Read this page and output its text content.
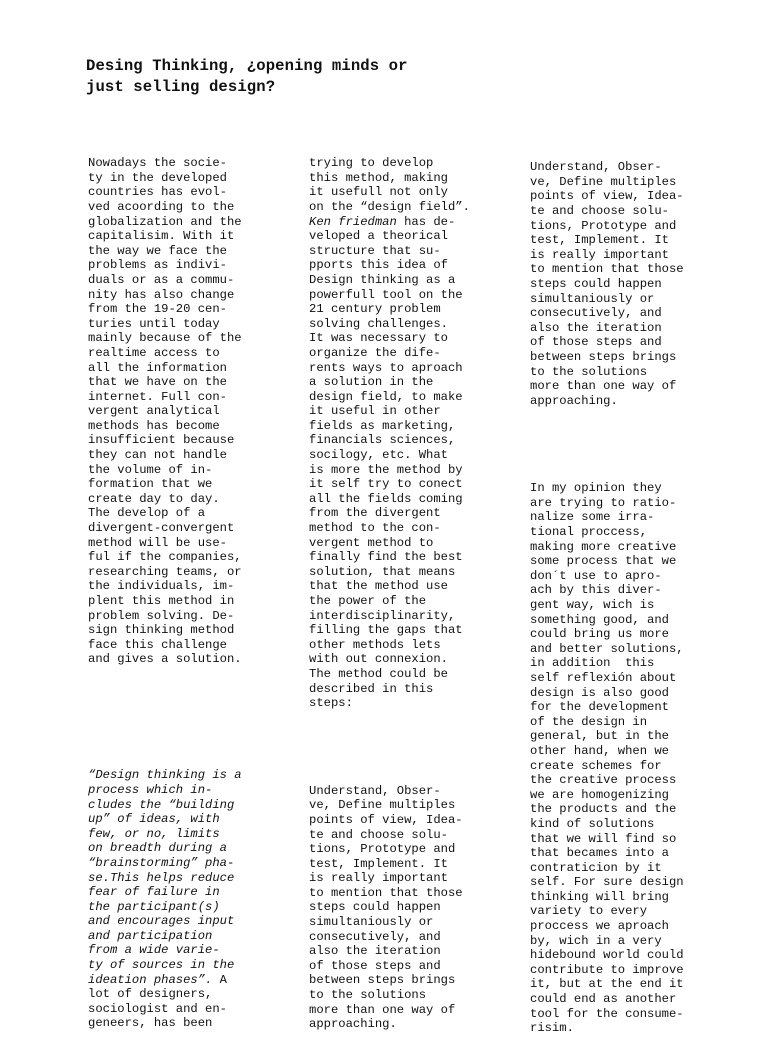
Desing Thinking, ¿opening minds or
just selling design?

Nowadays the socie-
ty in the developed
countries has evol-
ved acoording to the
globalization and the
capitalisim. With it
the way we face the
problems as indivi-
duals or as a commu-
nity has also change
from the 19-20 cen-
turies until today
mainly because of the
realtime access to
all the information
that we have on the
internet. Full con-
vergent analytical
methods has become
insufficient because
they can not handle
the volume of in-
formation that we
create day to day.
The develop of a
divergent-convergent
method will be use-
ful if the companies,
researching teams, or
the individuals, im-
plent this method in
problem solving. De-
sign thinking method
face this challenge
and gives a solution.

“Design thinking is a
process which in-
cludes the “building
up” of ideas, with
few, or no, limits
on breadth during a
“brainstorming” pha-
se.This helps reduce
fear of failure in
the participant(s)
and encourages input
and participation
from a wide varie-
ty of sources in the
ideation phases”. A
lot of designers,
sociologist and en-
geneers, has been

trying to develop
this method, making
it usefull not only
on the “design field”.
Ken friedman has de-
veloped a theorical
structure that su-
pports this idea of
Design thinking as a
powerfull tool on the
21 century problem
solving challenges.
It was necessary to
organize the dife-
rents ways to aproach
a solution in the
design field, to make
it useful in other
fields as marketing,
financials sciences,
socilogy, etc. What
is more the method by
it self try to conect
all the fields coming
from the divergent
method to the con-
vergent method to
finally find the best
solution, that means
that the method use
the power of the
interdisciplinarity,
filling the gaps that
other methods lets
with out connexion.
The method could be
described in this
steps:

Understand, Obser-
ve, Define multiples
points of view, Idea-
te and choose solu-
tions, Prototype and
test, Implement. It
is really important
to mention that those
steps could happen
simultaniously or
consecutively, and
also the iteration
of those steps and
between steps brings
to the solutions
more than one way of
approaching.

Understand, Obser-
ve, Define multiples
points of view, Idea-
te and choose solu-
tions, Prototype and
test, Implement. It
is really important
to mention that those
steps could happen
simultaniously or
consecutively, and
also the iteration
of those steps and
between steps brings
to the solutions
more than one way of
approaching.

In my opinion they
are trying to ratio-
nalize some irra-
tional proccess,
making more creative
some process that we
don´t use to apro-
ach by this diver-
gent way, wich is
something good, and
could bring us more
and better solutions,
in addition  this
self reflexión about
design is also good
for the development
of the design in
general, but in the
other hand, when we
create schemes for
the creative process
we are homogenizing
the products and the
kind of solutions
that we will find so
that becames into a
contraticion by it
self. For sure design
thinking will bring
variety to every
proccess we aproach
by, wich in a very
hidebound world could
contribute to improve
it, but at the end it
could end as another
tool for the consume-
risim.
